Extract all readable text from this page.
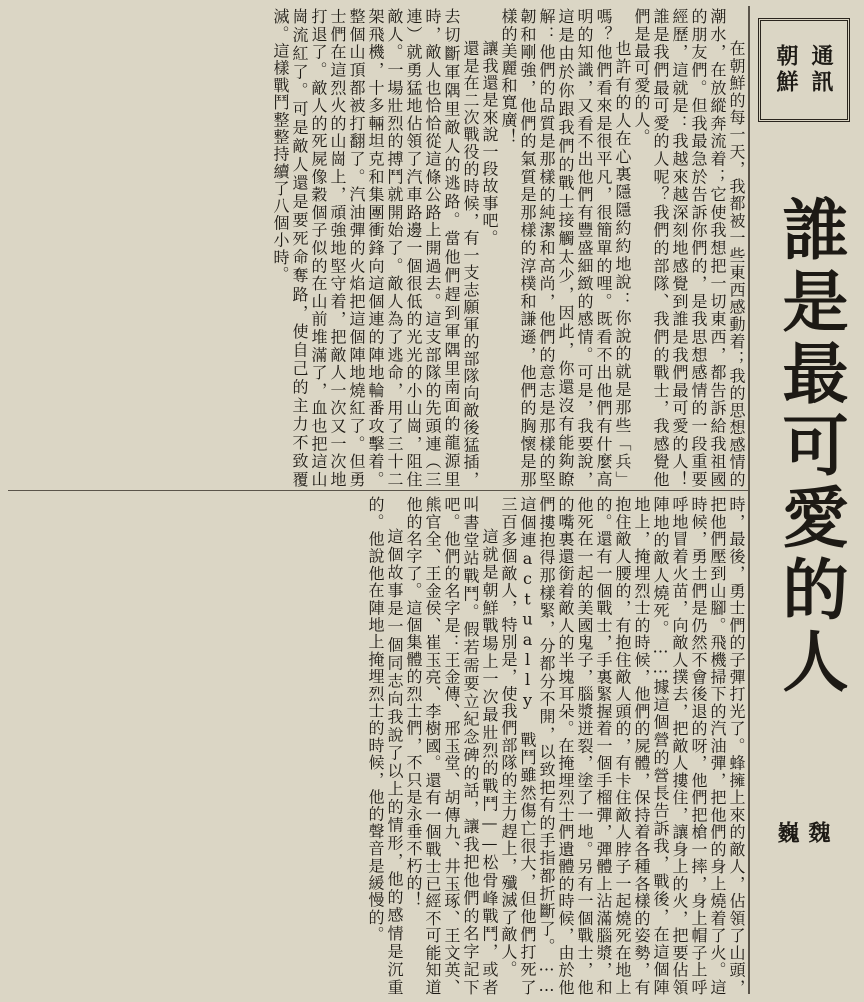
朝鮮 通訊
誰是最可愛的人
魏巍

在朝鮮的每一天，我都被一些東西感動着；我的思想感情的潮水，在放縱奔流着；它使我想把一切東西，都告訴給我祖國的朋友們。但我最急於告訴你們的，是我思想感情的一段重要經歷，這就是：我越來越深刻地感覺到誰是我們最可愛的人！誰是我們最可愛的人呢？我們的部隊、我們的戰士，我感覺他們是最可愛的人。

也許有的人在心裏隱隱約約地說：你說的就是那些「兵」嗎？他們看來是很平凡，很簡單的哩。既看不出他們有什麼高明的知識，又看不出他們有豐盛細緻的感情。可是，我要說，這是由於你跟我們的戰士接觸太少，因此，你還沒有能夠瞭解：他們的品質是那樣的純潔和高尚，他們的意志是那樣的堅韌和剛強，他們的氣質是那樣的淳樸和謙遜，他們的胸懷是那樣的美麗和寬廣！

讓我還是來說一段故事吧。

還是在二次戰役的時候，有一支志願軍的部隊向敵後猛插，去切斷軍隅里敵人的逃路。當他們趕到軍隅里南面的龍源里時，敵人也恰恰從這條公路上開過去。這支部隊的先頭連（三連）就勇猛地佔領了汽車路邊一個很低的光光的小山崗，阻住敵人。一場壯烈的搏鬥就開始了。敵人為了逃命，用了三十二架飛機，十多輛坦克和集團衝鋒向這個連的陣地輪番攻擊着。整個山頂都被打翻了。汽油彈的火焰把這個陣地燒紅了。但勇士們在這烈火的山崗上，頑強地堅守着，把敵人一次又一次地打退了。敵人的死屍像穀個子似的在山前堆滿了，血也把這山崗流紅了。可是敵人還是要死命奪路，使自己的主力不致覆滅。這樣戰鬥整整持續了八個小時。

時，最後，勇士們的子彈打光了。蜂擁上來的敵人，佔領了山頭，把他們壓到山腳。飛機掃下的汽油彈，把他們的身上燒着了火。這時候，勇士們是仍然不會後退的呀，他們把槍一摔，身上帽子上呼呼地冒着火苗，向敵人撲去，把敵人摟住，讓身上的火，把要佔領陣地的敵人燒死。……據這個營的營長告訴我，戰後，在這個陣地上，掩埋烈士的時候，他們的屍體，保持着各種各樣的姿勢，有抱住敵人腰的，有抱住敵人頭的，有卡住敵人脖子一起燒死在地上的。還有一個戰士，手裏緊握着一個手榴彈，彈體上沾滿腦漿，和他死在一起的美國鬼子，腦漿迸裂，塗了一地。另有一個戰士，他的嘴裏還銜着敵人的半塊耳朵。在掩埋烈士們遺體的時候，由於他們摟抱得那樣緊，分都分不開，以致把有的手指都折斷了。……這個連actually 戰鬥雖然傷亡很大，但他們打死了三百多個敵人，特別是，使我們部隊的主力趕上，殲滅了敵人。

這就是朝鮮戰場上一次最壯烈的戰鬥——松骨峰戰鬥，或者叫書堂站戰鬥。假若需要立紀念碑的話，讓我把他們的名字記下吧。他們的名字是：王金傳、邢玉堂、胡傳九、井玉琢、王文英、熊官全、王金侯、崔玉亮、李樹國。還有一個戰士已經不可能知道他的名字了。這個集體的烈士們，不只是永垂不朽的！

這個故事是一個同志向我說了以上的情形，他的感情是沉重的。他說他在陣地上掩埋烈士的時候，他的聲音是緩慢的。
